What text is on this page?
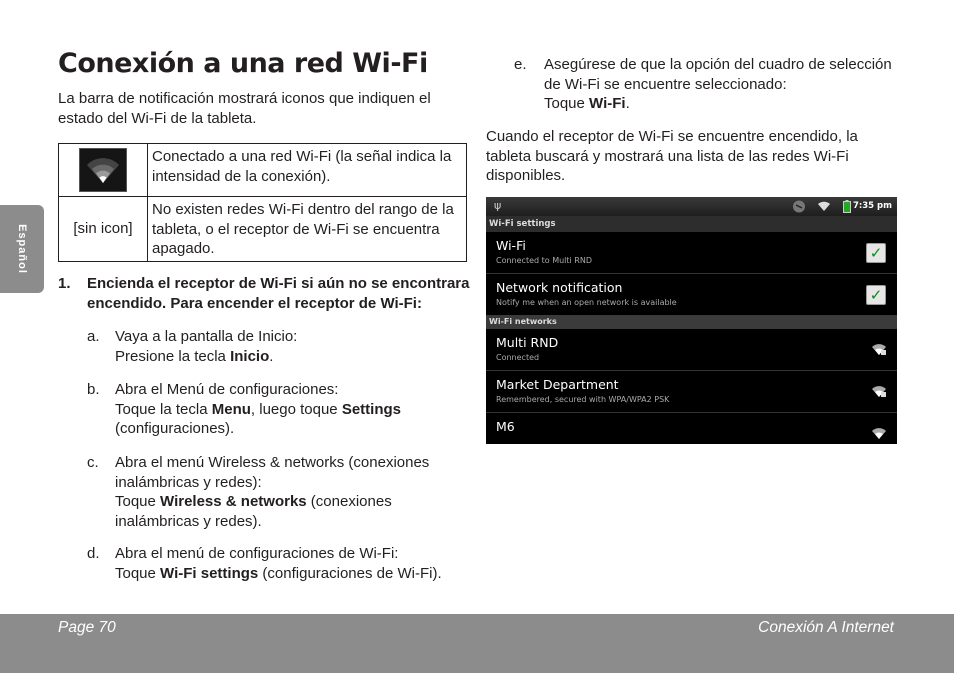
Español
Conexión a una red Wi-Fi
La barra de notificación mostrará iconos que indiquen el estado del Wi-Fi de la tableta.
	Conectado a una red Wi-Fi (la señal indica la intensidad de la conexión).
[sin icon]	No existen redes Wi-Fi dentro del rango de la tableta, o el receptor de Wi-Fi se encuentra apagado.
1. Encienda el receptor de Wi-Fi si aún no se encontrara encendido. Para encender el receptor de Wi-Fi:
a. Vaya a la pantalla de Inicio:
Presione la tecla Inicio.
b. Abra el Menú de configuraciones:
Toque la tecla Menu, luego toque Settings (configuraciones).
c. Abra el menú Wireless & networks (conexiones inalámbricas y redes):
Toque Wireless & networks (conexiones inalámbricas y redes).
d. Abra el menú de configuraciones de Wi-Fi:
Toque Wi-Fi settings (configuraciones de Wi-Fi).
e. Asegúrese de que la opción del cuadro de selección de Wi-Fi se encuentre seleccionado:
Toque Wi-Fi.
Cuando el receptor de Wi-Fi se encuentre encendido, la tableta buscará y mostrará una lista de las redes Wi-Fi disponibles.
ψ	7:35 pm
Wi-Fi settings
Wi-Fi
Connected to Multi RND	✓
Network notification
Notify me when an open network is available	✓
Wi-Fi networks
Multi RND
Connected
Market Department
Remembered, secured with WPA/WPA2 PSK
M6
Page 70	Conexión A Internet
